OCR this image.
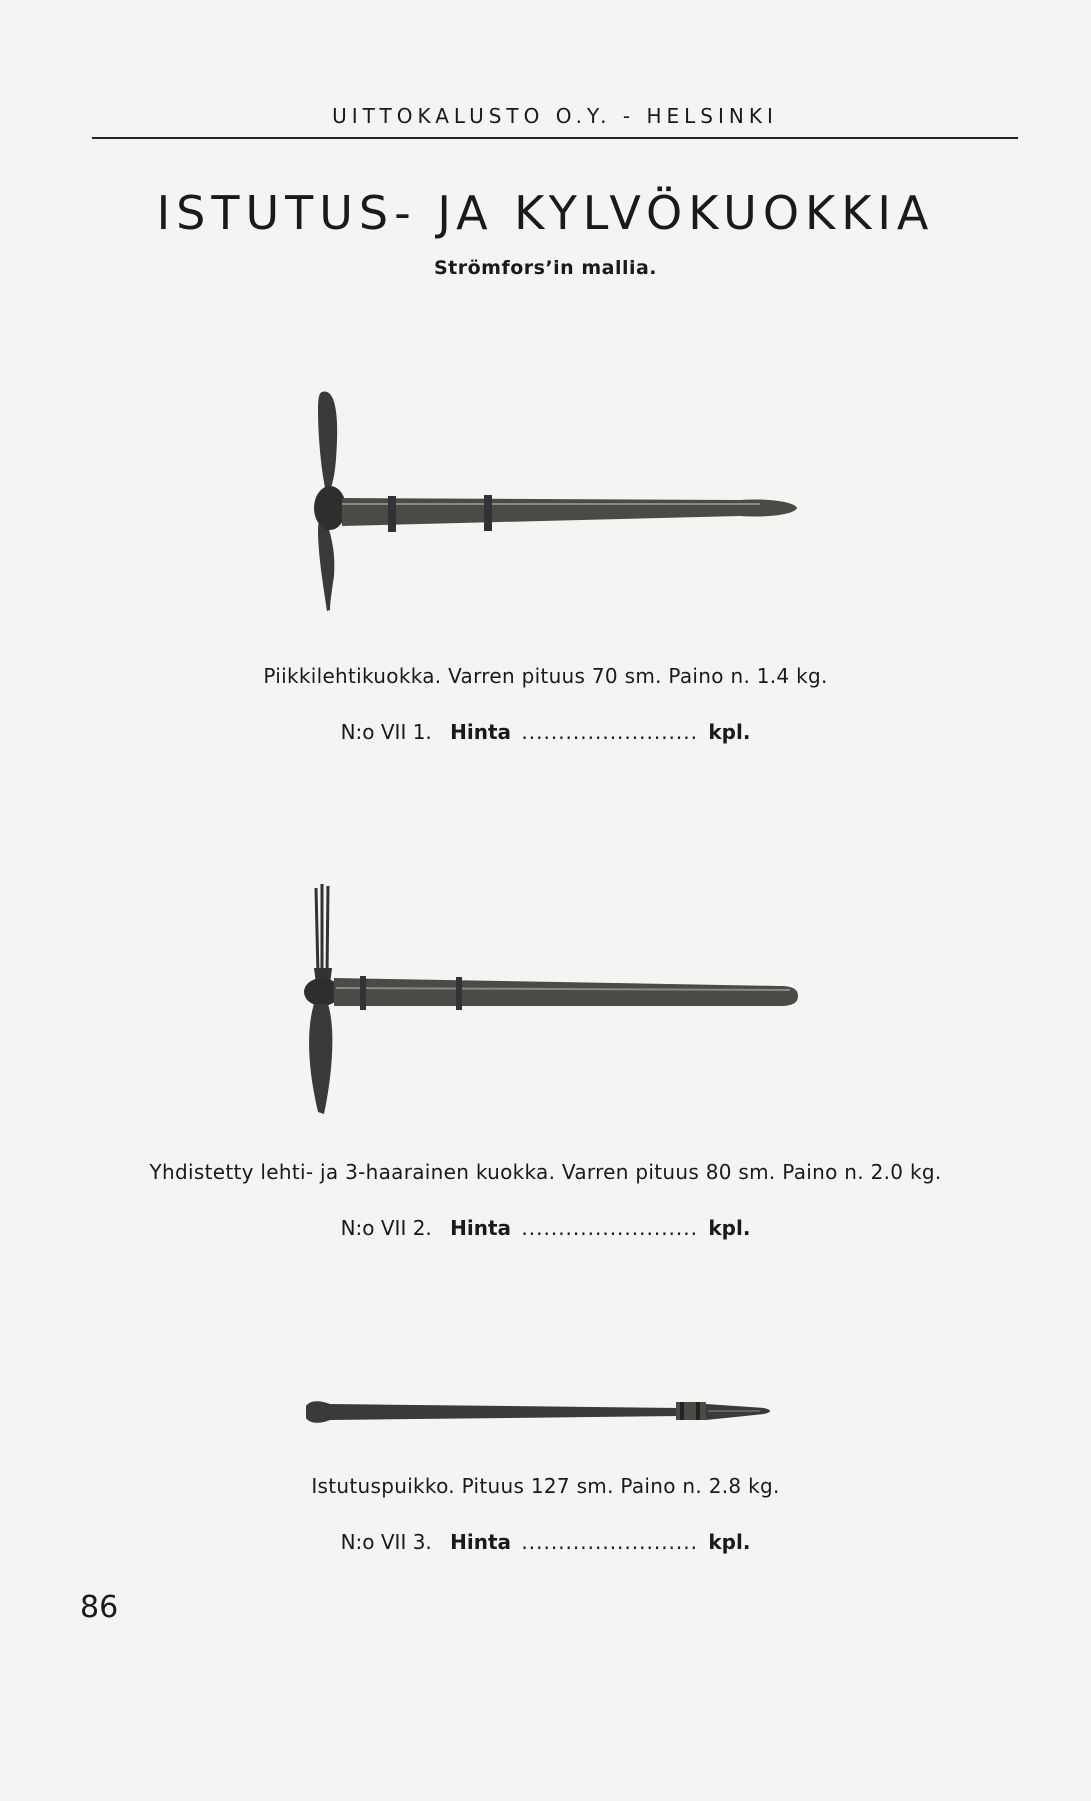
UITTOKALUSTO O.Y. - HELSINKI
ISTUTUS- JA KYLVÖKUOKKIA
Strömfors’in mallia.
Piikkilehtikuokka. Varren pituus 70 sm. Paino n. 1.4 kg.
N:o VII 1. Hinta ........................ kpl.
Yhdistetty lehti- ja 3-haarainen kuokka. Varren pituus 80 sm. Paino n. 2.0 kg.
N:o VII 2. Hinta ........................ kpl.
Istutuspuikko. Pituus 127 sm. Paino n. 2.8 kg.
N:o VII 3. Hinta ........................ kpl.
86
